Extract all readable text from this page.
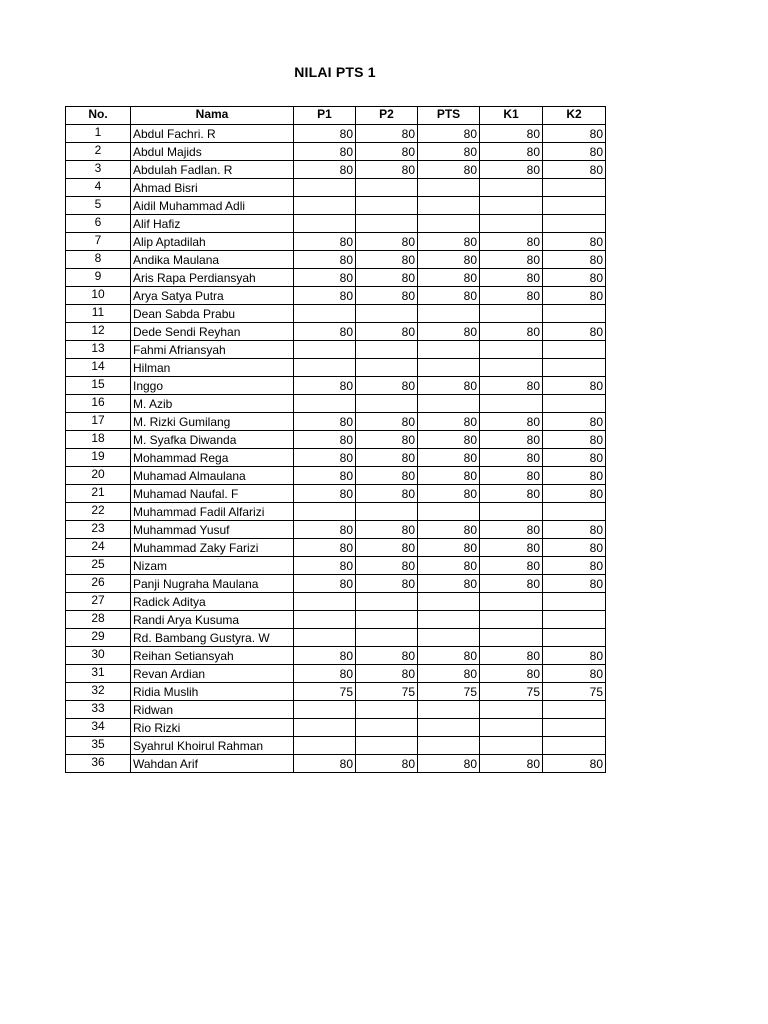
NILAI PTS 1
No.	Nama	P1	P2	PTS	K1	K2
1	Abdul Fachri. R	80	80	80	80	80
2	Abdul Majids	80	80	80	80	80
3	Abdulah Fadlan. R	80	80	80	80	80
4	Ahmad Bisri					
5	Aidil Muhammad Adli					
6	Alif Hafiz					
7	Alip Aptadilah	80	80	80	80	80
8	Andika Maulana	80	80	80	80	80
9	Aris Rapa Perdiansyah	80	80	80	80	80
10	Arya Satya Putra	80	80	80	80	80
11	Dean Sabda Prabu					
12	Dede Sendi Reyhan	80	80	80	80	80
13	Fahmi Afriansyah					
14	Hilman					
15	Inggo	80	80	80	80	80
16	M. Azib					
17	M. Rizki Gumilang	80	80	80	80	80
18	M. Syafka Diwanda	80	80	80	80	80
19	Mohammad Rega	80	80	80	80	80
20	Muhamad Almaulana	80	80	80	80	80
21	Muhamad Naufal. F	80	80	80	80	80
22	Muhammad Fadil Alfarizi					
23	Muhammad Yusuf	80	80	80	80	80
24	Muhammad Zaky Farizi	80	80	80	80	80
25	Nizam	80	80	80	80	80
26	Panji Nugraha Maulana	80	80	80	80	80
27	Radick Aditya					
28	Randi Arya Kusuma					
29	Rd. Bambang Gustyra. W					
30	Reihan Setiansyah	80	80	80	80	80
31	Revan Ardian	80	80	80	80	80
32	Ridia Muslih	75	75	75	75	75
33	Ridwan					
34	Rio Rizki					
35	Syahrul Khoirul Rahman					
36	Wahdan Arif	80	80	80	80	80
